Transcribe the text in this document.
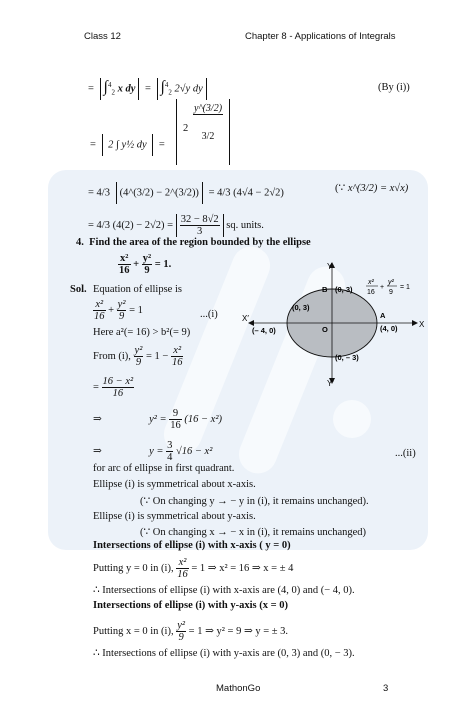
Class 12	Chapter 8 - Applications of Integrals
= ∫$^4_2$ x dy = ∫$^4_2$ 2√y dy	(By (i))
= 2 ∫ y½ dy =
2
y^(3/2)
3/2
= 4/3 (4^(3/2) − 2^(3/2)) = 4/3 (4√4 − 2√2)	(∵ x^(3/2) = x√x)
= 4/3 $(4(2) - 2√2) = \frac{32 - 8√2}{3}$ sq. units.
4. Find the area of the region bounded by the ellipse
$\frac{\text{x²}}{16} + \frac{\text{y²}}{9} = 1$.
Sol. Equation of ellipse is
$\frac{\text{x²}}{16} + \frac{\text{y²}}{9} = 1$	...(i)
Here a²(= 16) > b²(= 9)
From (i), $\frac{\text{y²}}{9} = 1 - \frac{\text{x²}}{16}$
= $\frac{\text{16 − x²}}{16}$
⇒	$y^2 = \frac{9}{16} (16 - x^2)$
⇒	$y = \frac{3}{4} √16 - x^2$	...(ii)
for arc of ellipse in first quadrant.
Ellipse (i) is symmetrical about x-axis.
(∵ On changing y → − y in (i), it remains unchanged).
Ellipse (i) is symmetrical about y-axis.
(∵ On changing x → − x in (i), it remains unchanged)
Intersections of ellipse (i) with x-axis ( y = 0)
Putting y = 0 in (i), $\frac{\text{x²}}{16} = 1$ ⇒ x² = 16 ⇒ x = ± 4
∴ Intersections of ellipse (i) with x-axis are (4, 0) and (− 4, 0).
Intersections of ellipse (i) with y-axis (x = 0)
Putting x = 0 in (i), $\frac{\text{y²}}{9} = 1$ ⇒ y² = 9 ⇒ y = ± 3.
∴ Intersections of ellipse (i) with y-axis are (0, 3) and (0, − 3).
Y
Y′
X′
X
B (0, 3)
A
(4, 0)
(– 4, 0)	O
(0, 3)
(0, – 3)
x²
16
+
y²
9
= 1
MathonGo	3
